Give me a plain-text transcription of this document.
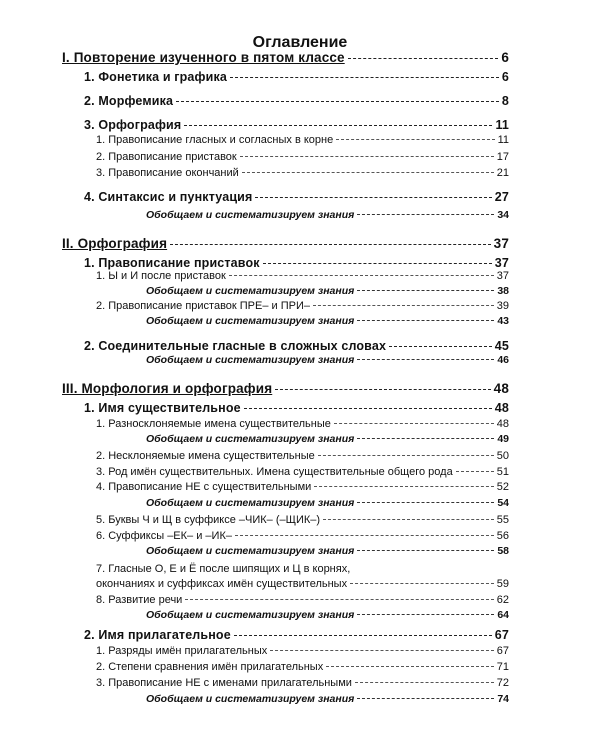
Оглавление
I. Повторение изученного в пятом классе	6
1. Фонетика и графика	6
2. Морфемика	8
3. Орфография	11
1. Правописание гласных и согласных в корне	11
2. Правописание приставок	17
3. Правописание окончаний	21
4. Синтаксис и пунктуация	27
Обобщаем и систематизируем знания	34
II. Орфография	37
1. Правописание приставок	37
1. Ы и И после приставок	37
Обобщаем и систематизируем знания	38
2. Правописание приставок ПРЕ– и ПРИ–	39
Обобщаем и систематизируем знания	43
2. Соединительные гласные в сложных словах	45
Обобщаем и систематизируем знания	46
III. Морфология и орфография	48
1. Имя существительное	48
1. Разносклоняемые имена существительные	48
Обобщаем и систематизируем знания	49
2. Несклоняемые имена существительные	50
3. Род имён существительных. Имена существительные общего рода	51
4. Правописание НЕ с существительными	52
Обобщаем и систематизируем знания	54
5. Буквы Ч и Щ в суффиксе –ЧИК– (–ЩИК–)	55
6. Суффиксы –ЕК– и –ИК–	56
Обобщаем и систематизируем знания	58
7. Гласные О, Е и Ё после шипящих и Ц в корнях,
окончаниях и суффиксах имён существительных	59
8. Развитие речи	62
Обобщаем и систематизируем знания	64
2. Имя прилагательное	67
1. Разряды имён прилагательных	67
2. Степени сравнения имён прилагательных	71
3. Правописание НЕ с именами прилагательными	72
Обобщаем и систематизируем знания	74
